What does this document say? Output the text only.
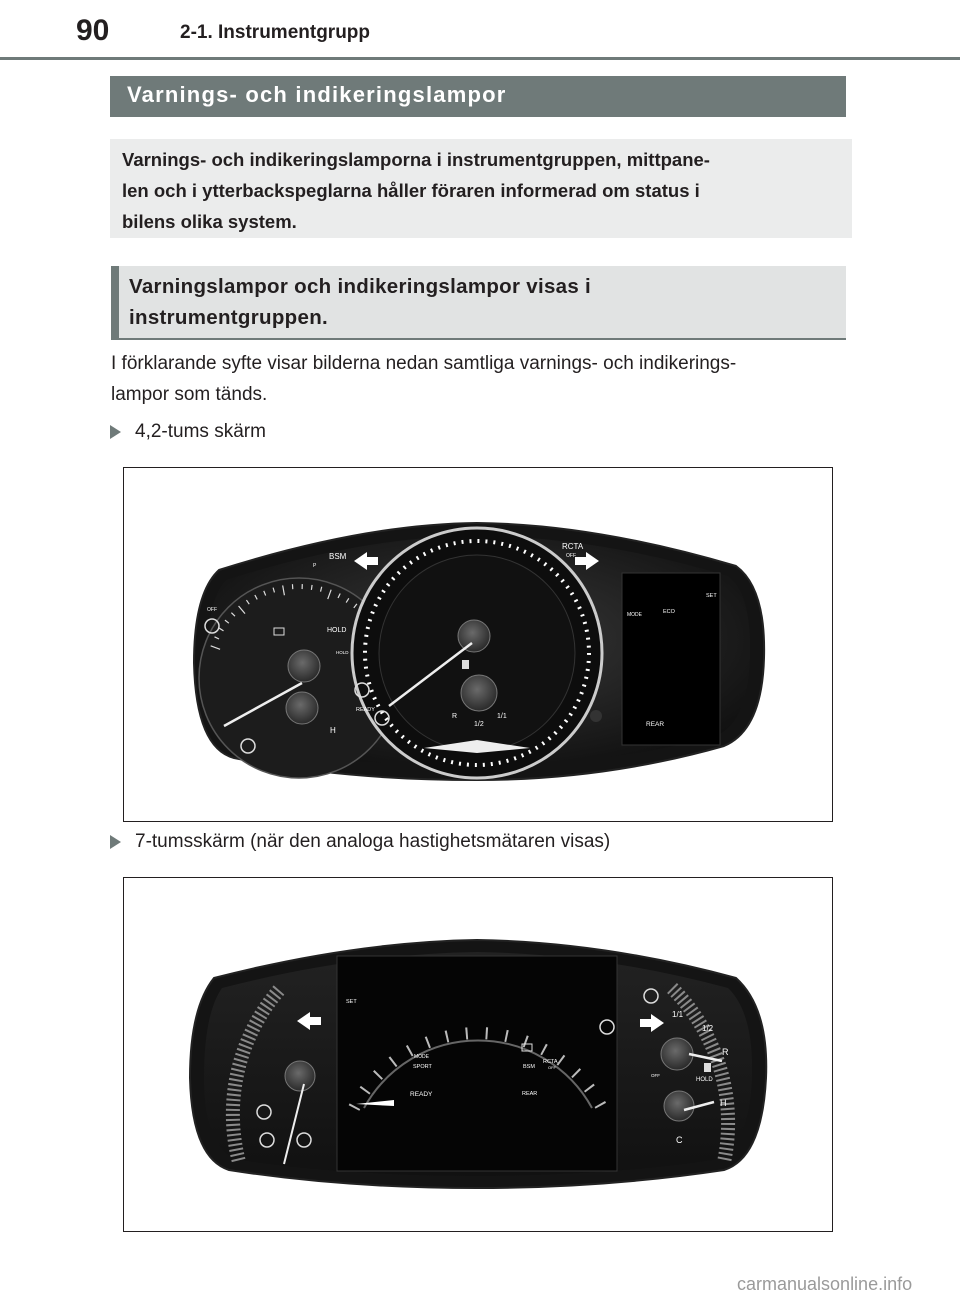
90	2-1. Instrumentgrupp
Varnings- och indikeringslampor
Varnings- och indikeringslamporna i instrumentgruppen, mittpane-
len och i ytterbackspeglarna håller föraren informerad om status i
bilens olika system.
Varningslampor och indikeringslampor visas i
instrumentgruppen.
I förklarande syfte visar bilderna nedan samtliga varnings- och indikerings-
lampor som tänds.
4,2-tums skärm
BSM
RCTA
OFF
HOLD
HOLD
READY
SET
MODE	ECO
REAR
1/2
1/1
R
H
P
OFF
7-tumsskärm (när den analoga hastighetsmätaren visas)
SET
MODE
SPORT	BSM
RCTA
OFF
REAR
READY
HOLD
1/1
1/2
R
H
C
OFF
carmanualsonline.info
